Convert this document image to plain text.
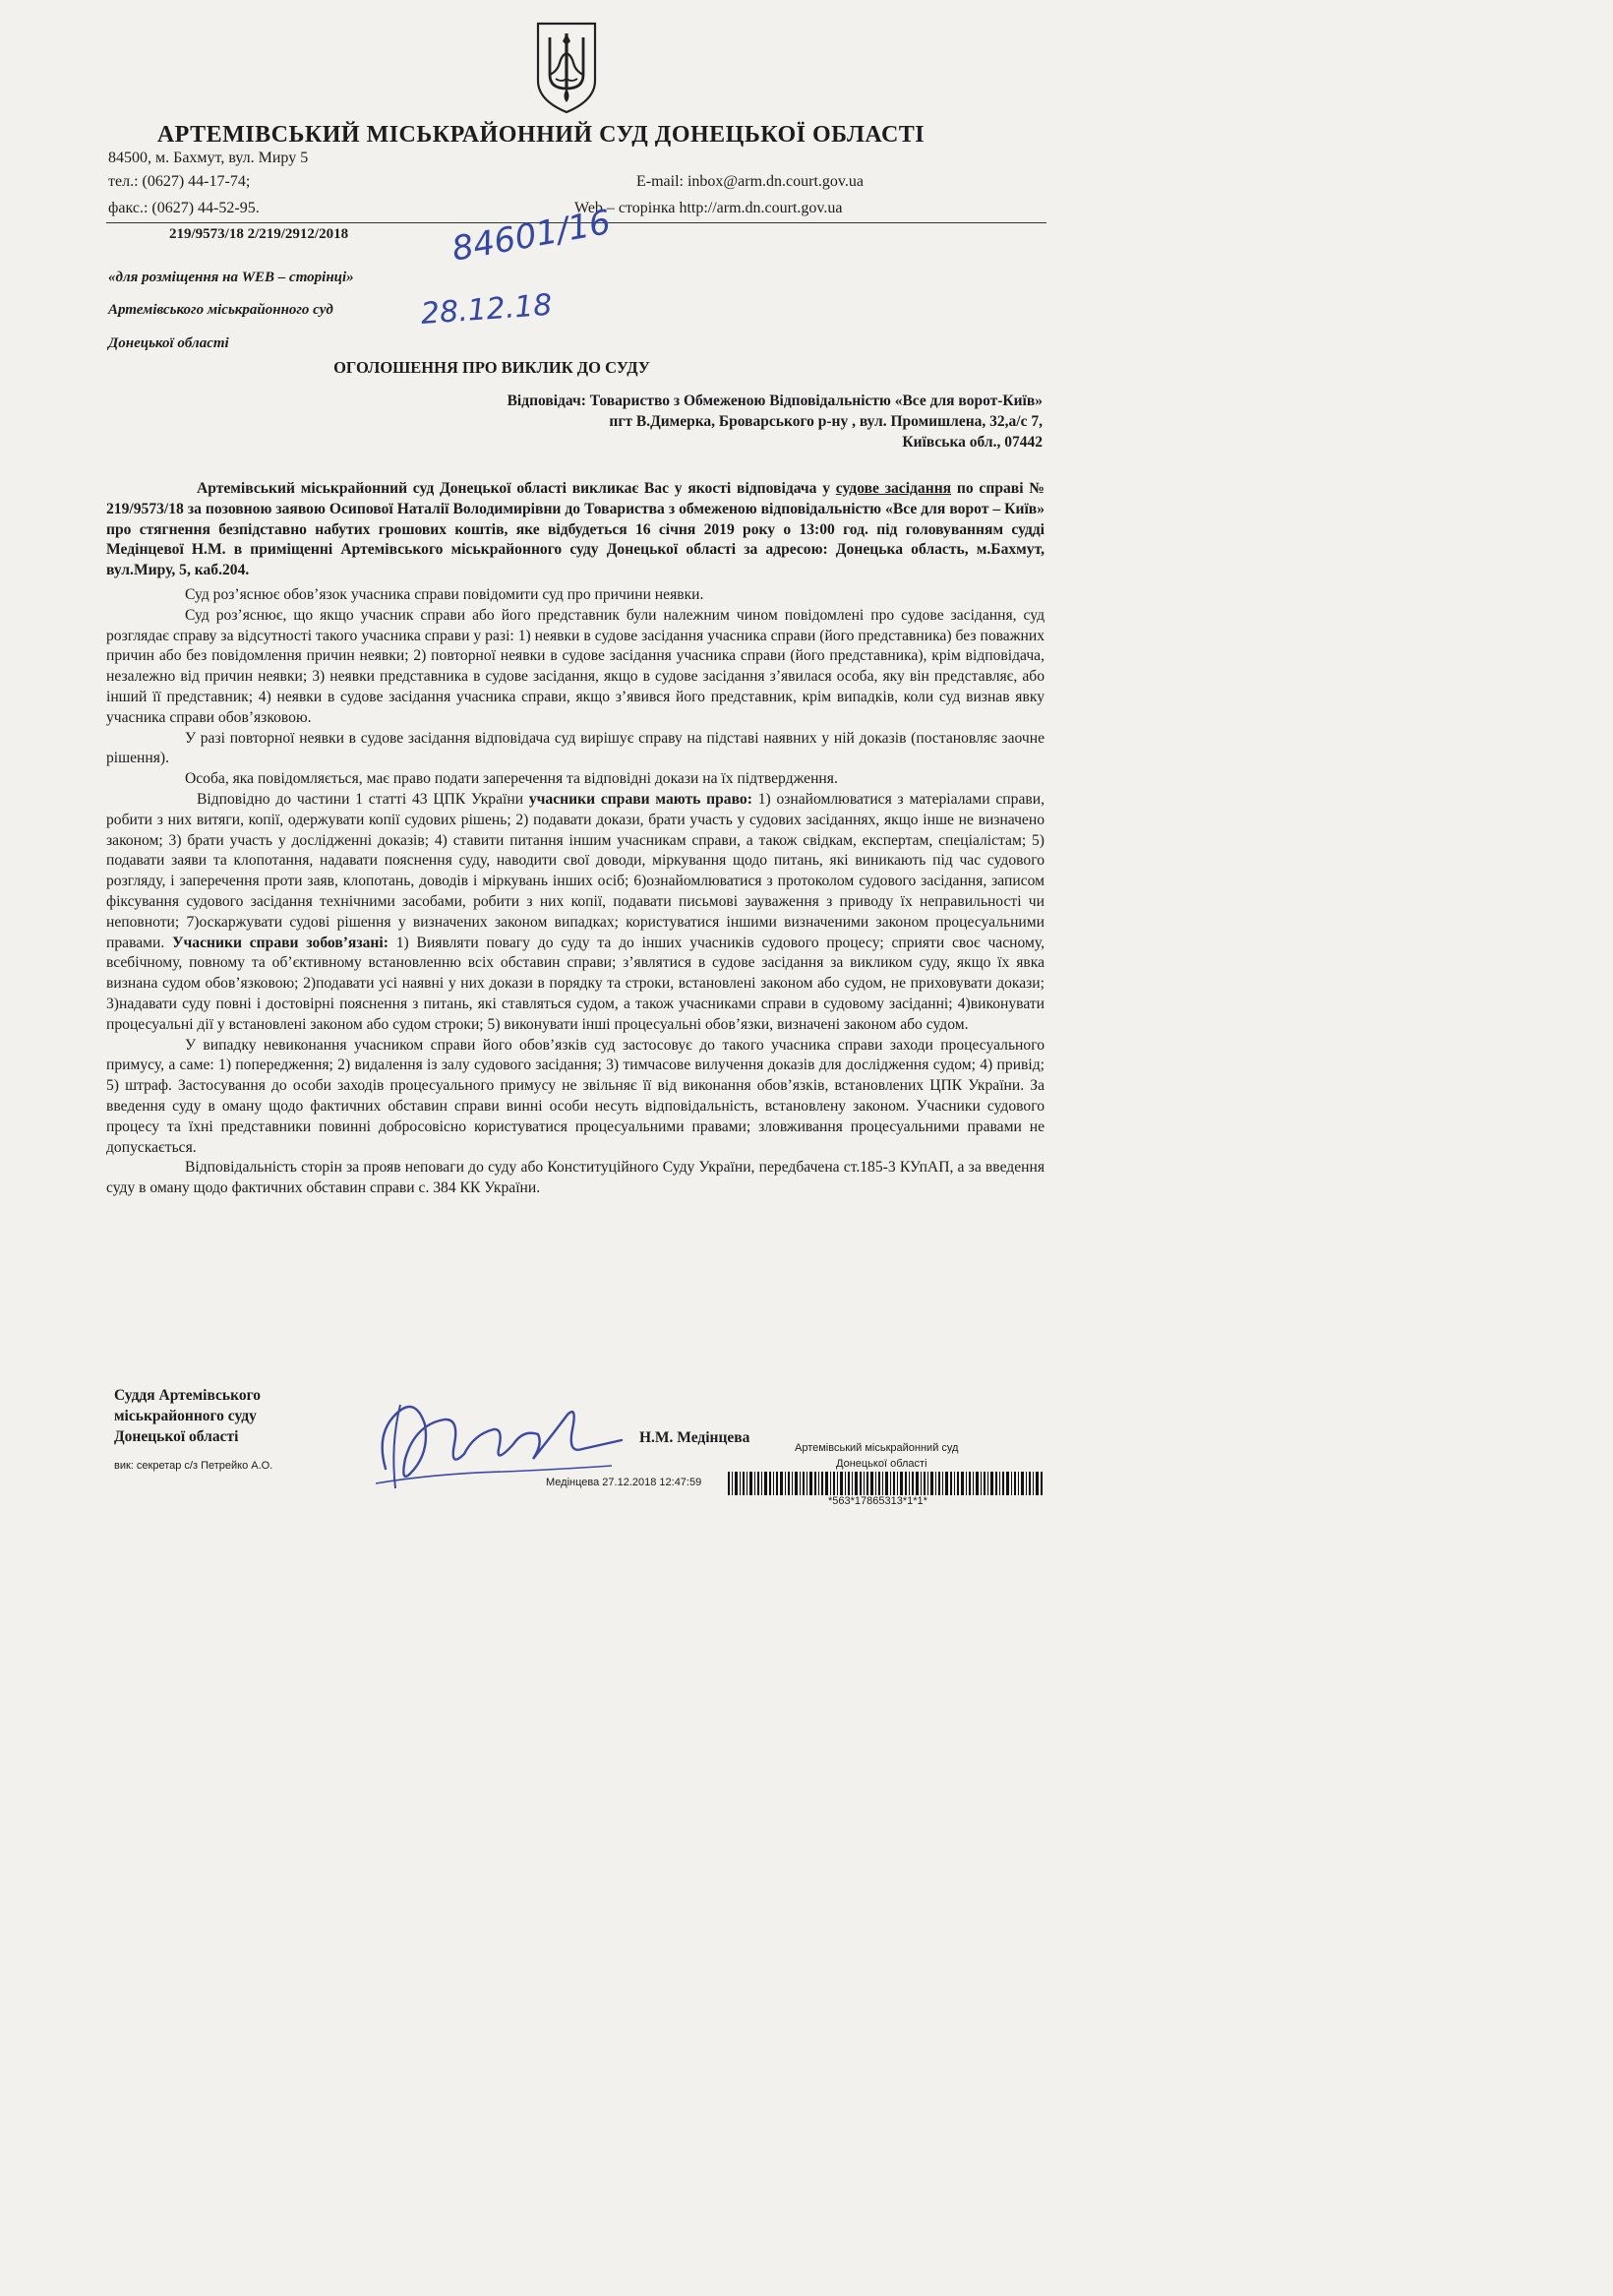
АРТЕМІВСЬКИЙ МІСЬКРАЙОННИЙ СУД ДОНЕЦЬКОЇ ОБЛАСТІ
84500, м. Бахмут, вул. Миру 5
тел.: (0627) 44-17-74;
факс.: (0627) 44-52-95.
E-mail: inbox@arm.dn.court.gov.ua
Web – сторінка http://arm.dn.court.gov.ua
219/9573/18 2/219/2912/2018	84601/16
28.12.18
«для розміщення на WEB – сторінці»
Артемівського міськрайонного суд
Донецької області
ОГОЛОШЕННЯ ПРО ВИКЛИК ДО СУДУ
Відповідач: Товариство з Обмеженою Відповідальністю «Все для ворот-Київ»
пгт В.Димерка, Броварського р-ну , вул. Промишлена, 32,а/с 7,
Київська обл., 07442

Артемівський міськрайонний суд Донецької області викликає Вас у якості відповідача у судове засідання по справі № 219/9573/18 за позовною заявою Осипової Наталії Володимирівни до Товариства з обмеженою відповідальністю «Все для ворот – Київ» про стягнення безпідставно набутих грошових коштів, яке відбудеться 16 січня 2019 року о 13:00 год. під головуванням судді Медінцевої Н.М. в приміщенні Артемівського міськрайонного суду Донецької області за адресою: Донецька область, м.Бахмут, вул.Миру, 5, каб.204.

Суд роз’яснює обов’язок учасника справи повідомити суд про причини неявки.

Суд роз’яснює, що якщо учасник справи або його представник були належним чином повідомлені про судове засідання, суд розглядає справу за відсутності такого учасника справи у разі: 1) неявки в судове засідання учасника справи (його представника) без поважних причин або без повідомлення причин неявки; 2) повторної неявки в судове засідання учасника справи (його представника), крім відповідача, незалежно від причин неявки; 3) неявки представника в судове засідання, якщо в судове засідання з’явилася особа, яку він представляє, або інший її представник; 4) неявки в судове засідання учасника справи, якщо з’явився його представник, крім випадків, коли суд визнав явку учасника справи обов’язковою.

У разі повторної неявки в судове засідання відповідача суд вирішує справу на підставі наявних у ній доказів (постановляє заочне рішення).

Особа, яка повідомляється, має право подати заперечення та відповідні докази на їх підтвердження.

Відповідно до частини 1 статті 43 ЦПК України учасники справи мають право: 1) ознайомлюватися з матеріалами справи, робити з них витяги, копії, одержувати копії судових рішень; 2) подавати докази, брати участь у судових засіданнях, якщо інше не визначено законом; 3) брати участь у дослідженні доказів; 4) ставити питання іншим учасникам справи, а також свідкам, експертам, спеціалістам; 5) подавати заяви та клопотання, надавати пояснення суду, наводити свої доводи, міркування щодо питань, які виникають під час судового розгляду, і заперечення проти заяв, клопотань, доводів і міркувань інших осіб; 6)ознайомлюватися з протоколом судового засідання, записом фіксування судового засідання технічними засобами, робити з них копії, подавати письмові зауваження з приводу їх неправильності чи неповноти; 7)оскаржувати судові рішення у визначених законом випадках; користуватися іншими визначеними законом процесуальними правами. Учасники справи зобов’язані: 1) Виявляти повагу до суду та до інших учасників судового процесу; сприяти своє часному, всебічному, повному та об’єктивному встановленню всіх обставин справи; з’являтися в судове засідання за викликом суду, якщо їх явка визнана судом обов’язковою; 2)подавати усі наявні у них докази в порядку та строки, встановлені законом або судом, не приховувати докази; 3)надавати суду повні і достовірні пояснення з питань, які ставляться судом, а також учасниками справи в судовому засіданні; 4)виконувати процесуальні дії у встановлені законом або судом строки; 5) виконувати інші процесуальні обов’язки, визначені законом або судом.

У випадку невиконання учасником справи його обов’язків суд застосовує до такого учасника справи заходи процесуального примусу, а саме: 1) попередження; 2) видалення із залу судового засідання; 3) тимчасове вилучення доказів для дослідження судом; 4) привід; 5) штраф. Застосування до особи заходів процесуального примусу не звільняє її від виконання обов’язків, встановлених ЦПК України. За введення суду в оману щодо фактичних обставин справи винні особи несуть відповідальність, встановлену законом. Учасники судового процесу та їхні представники повинні добросовісно користуватися процесуальними правами; зловживання процесуальними правами не допускається.

Відповідальність сторін за прояв неповаги до суду або Конституційного Суду України, передбачена ст.185-3 КУпАП, а за введення суду в оману щодо фактичних обставин справи с. 384 КК України.

Суддя Артемівського
міськрайонного суду
Донецької області	Н.М. Медінцева
вик: секретар с/з Петрейко А.О.
Артемівський міськрайонний суд
Донецької області
Медінцева 27.12.2018 12:47:59
*563*17865313*1*1*
